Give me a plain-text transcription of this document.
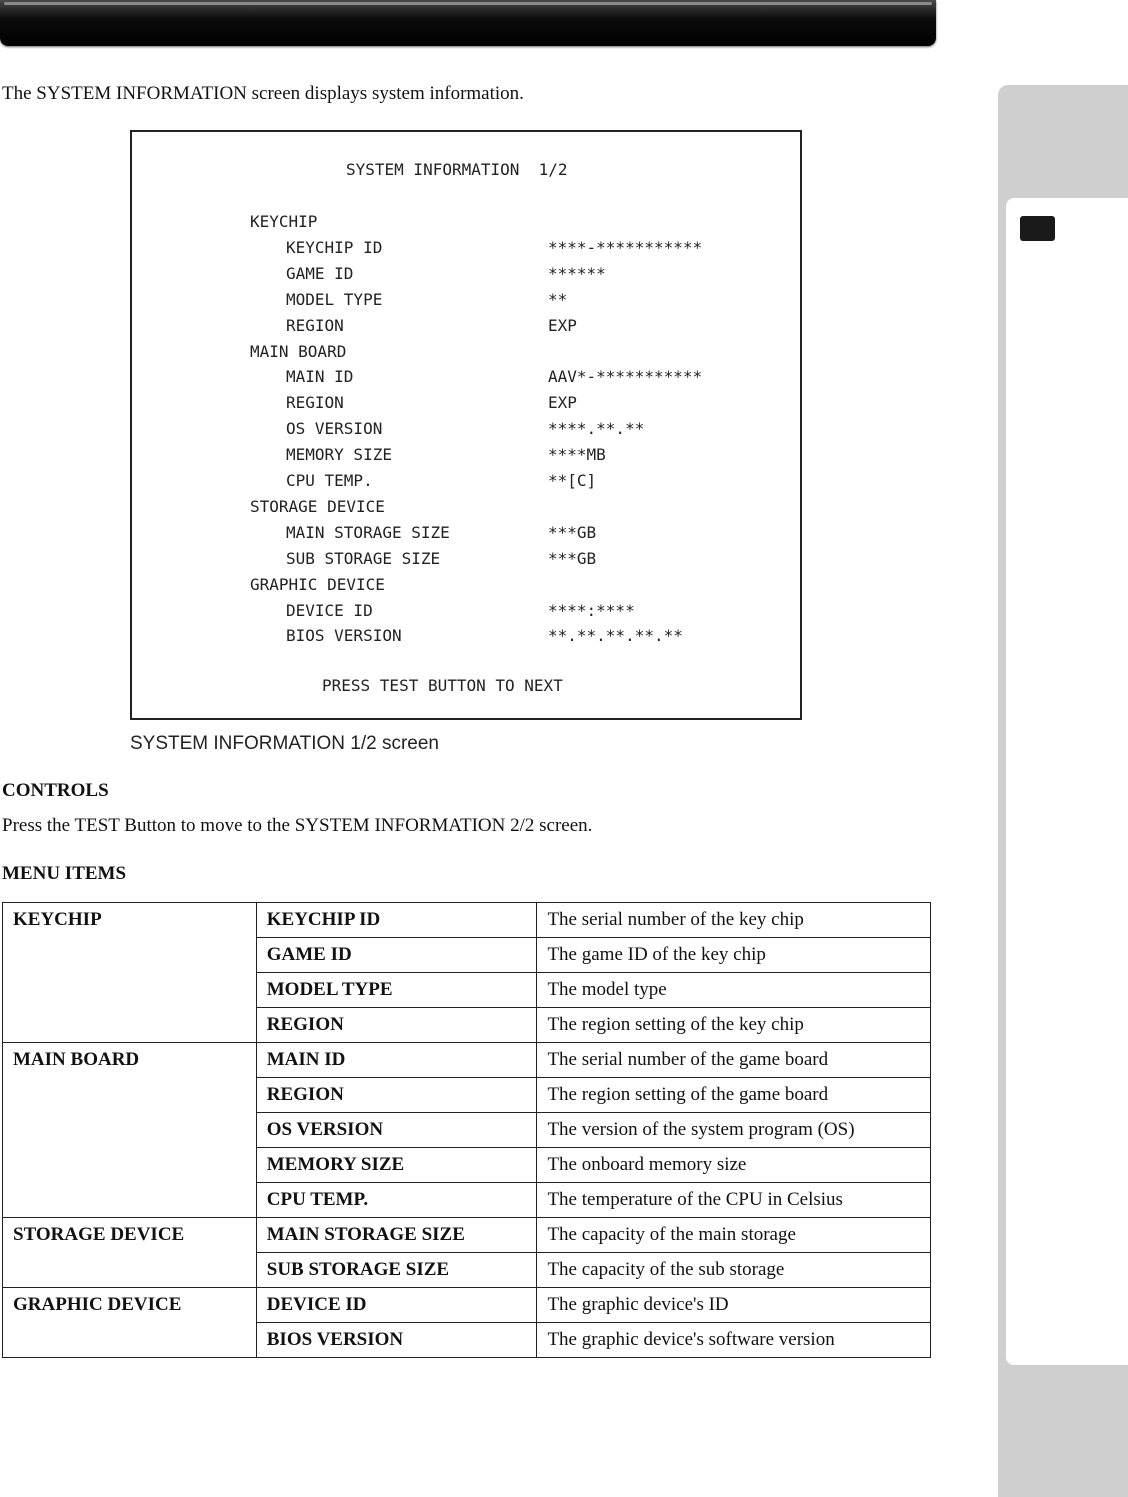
The SYSTEM INFORMATION screen displays system information.
SYSTEM INFORMATION  1/2
KEYCHIP
KEYCHIP ID	****-***********
GAME ID	******
MODEL TYPE	**
REGION	EXP
MAIN BOARD
MAIN ID	AAV*-***********
REGION	EXP
OS VERSION	****.**.**
MEMORY SIZE	****MB
CPU TEMP.	**[C]
STORAGE DEVICE
MAIN STORAGE SIZE	***GB
SUB STORAGE SIZE	***GB
GRAPHIC DEVICE
DEVICE ID	****:****
BIOS VERSION	**.**.**.**.**
PRESS TEST BUTTON TO NEXT
SYSTEM INFORMATION 1/2 screen
CONTROLS
Press the TEST Button to move to the SYSTEM INFORMATION 2/2 screen.
MENU ITEMS
KEYCHIP	KEYCHIP ID	The serial number of the key chip
	GAME ID	The game ID of the key chip
	MODEL TYPE	The model type
	REGION	The region setting of the key chip
MAIN BOARD	MAIN ID	The serial number of the game board
	REGION	The region setting of the game board
	OS VERSION	The version of the system program (OS)
	MEMORY SIZE	The onboard memory size
	CPU TEMP.	The temperature of the CPU in Celsius
STORAGE DEVICE	MAIN STORAGE SIZE	The capacity of the main storage
	SUB STORAGE SIZE	The capacity of the sub storage
GRAPHIC DEVICE	DEVICE ID	The graphic device's ID
	BIOS VERSION	The graphic device's software version
